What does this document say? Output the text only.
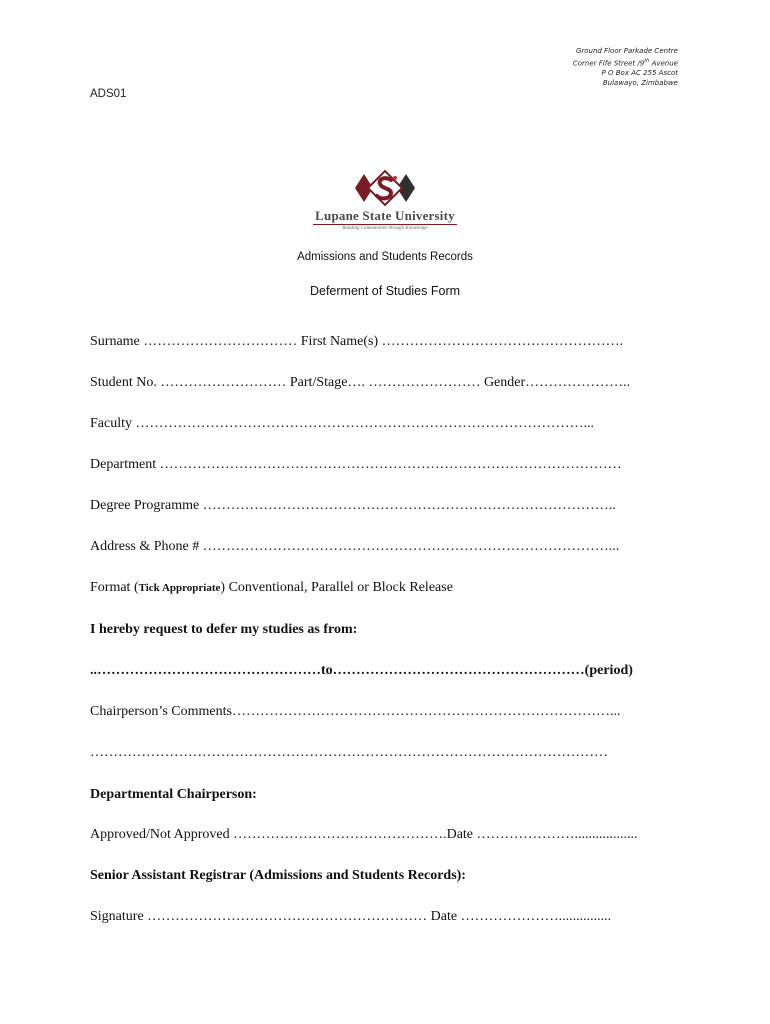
Ground Floor Parkade Centre
Corner Fife Street /9th Avenue
P O Box AC 255 Ascot
Bulawayo, Zimbabwe
ADS01
Lupane State University
Building Communities through Knowledge
Admissions and Students Records
Deferment of Studies Form
Surname …………………………… First Name(s) …………………………………………….
Student No. ……………………… Part/Stage…. …………………… Gender…………………..
Faculty ……………………………………………………………………………………...
Department ………………………………………………………………………………………
Degree Programme ……………………………………………………………………………..
Address & Phone # ……………………………………………………………………………...
Format (Tick Appropriate) Conventional, Parallel or Block Release
I hereby request to defer my studies as from:
..…………………………………………to………………………………………………(period)
Chairperson’s Comments………………………………………………………………………...
…………………………………………………………………………………………………
Departmental Chairperson:
Approved/Not Approved ……………………………………….Date …………………..................
Senior Assistant Registrar (Admissions and Students Records):
Signature …………………………………………………… Date …………………...............
